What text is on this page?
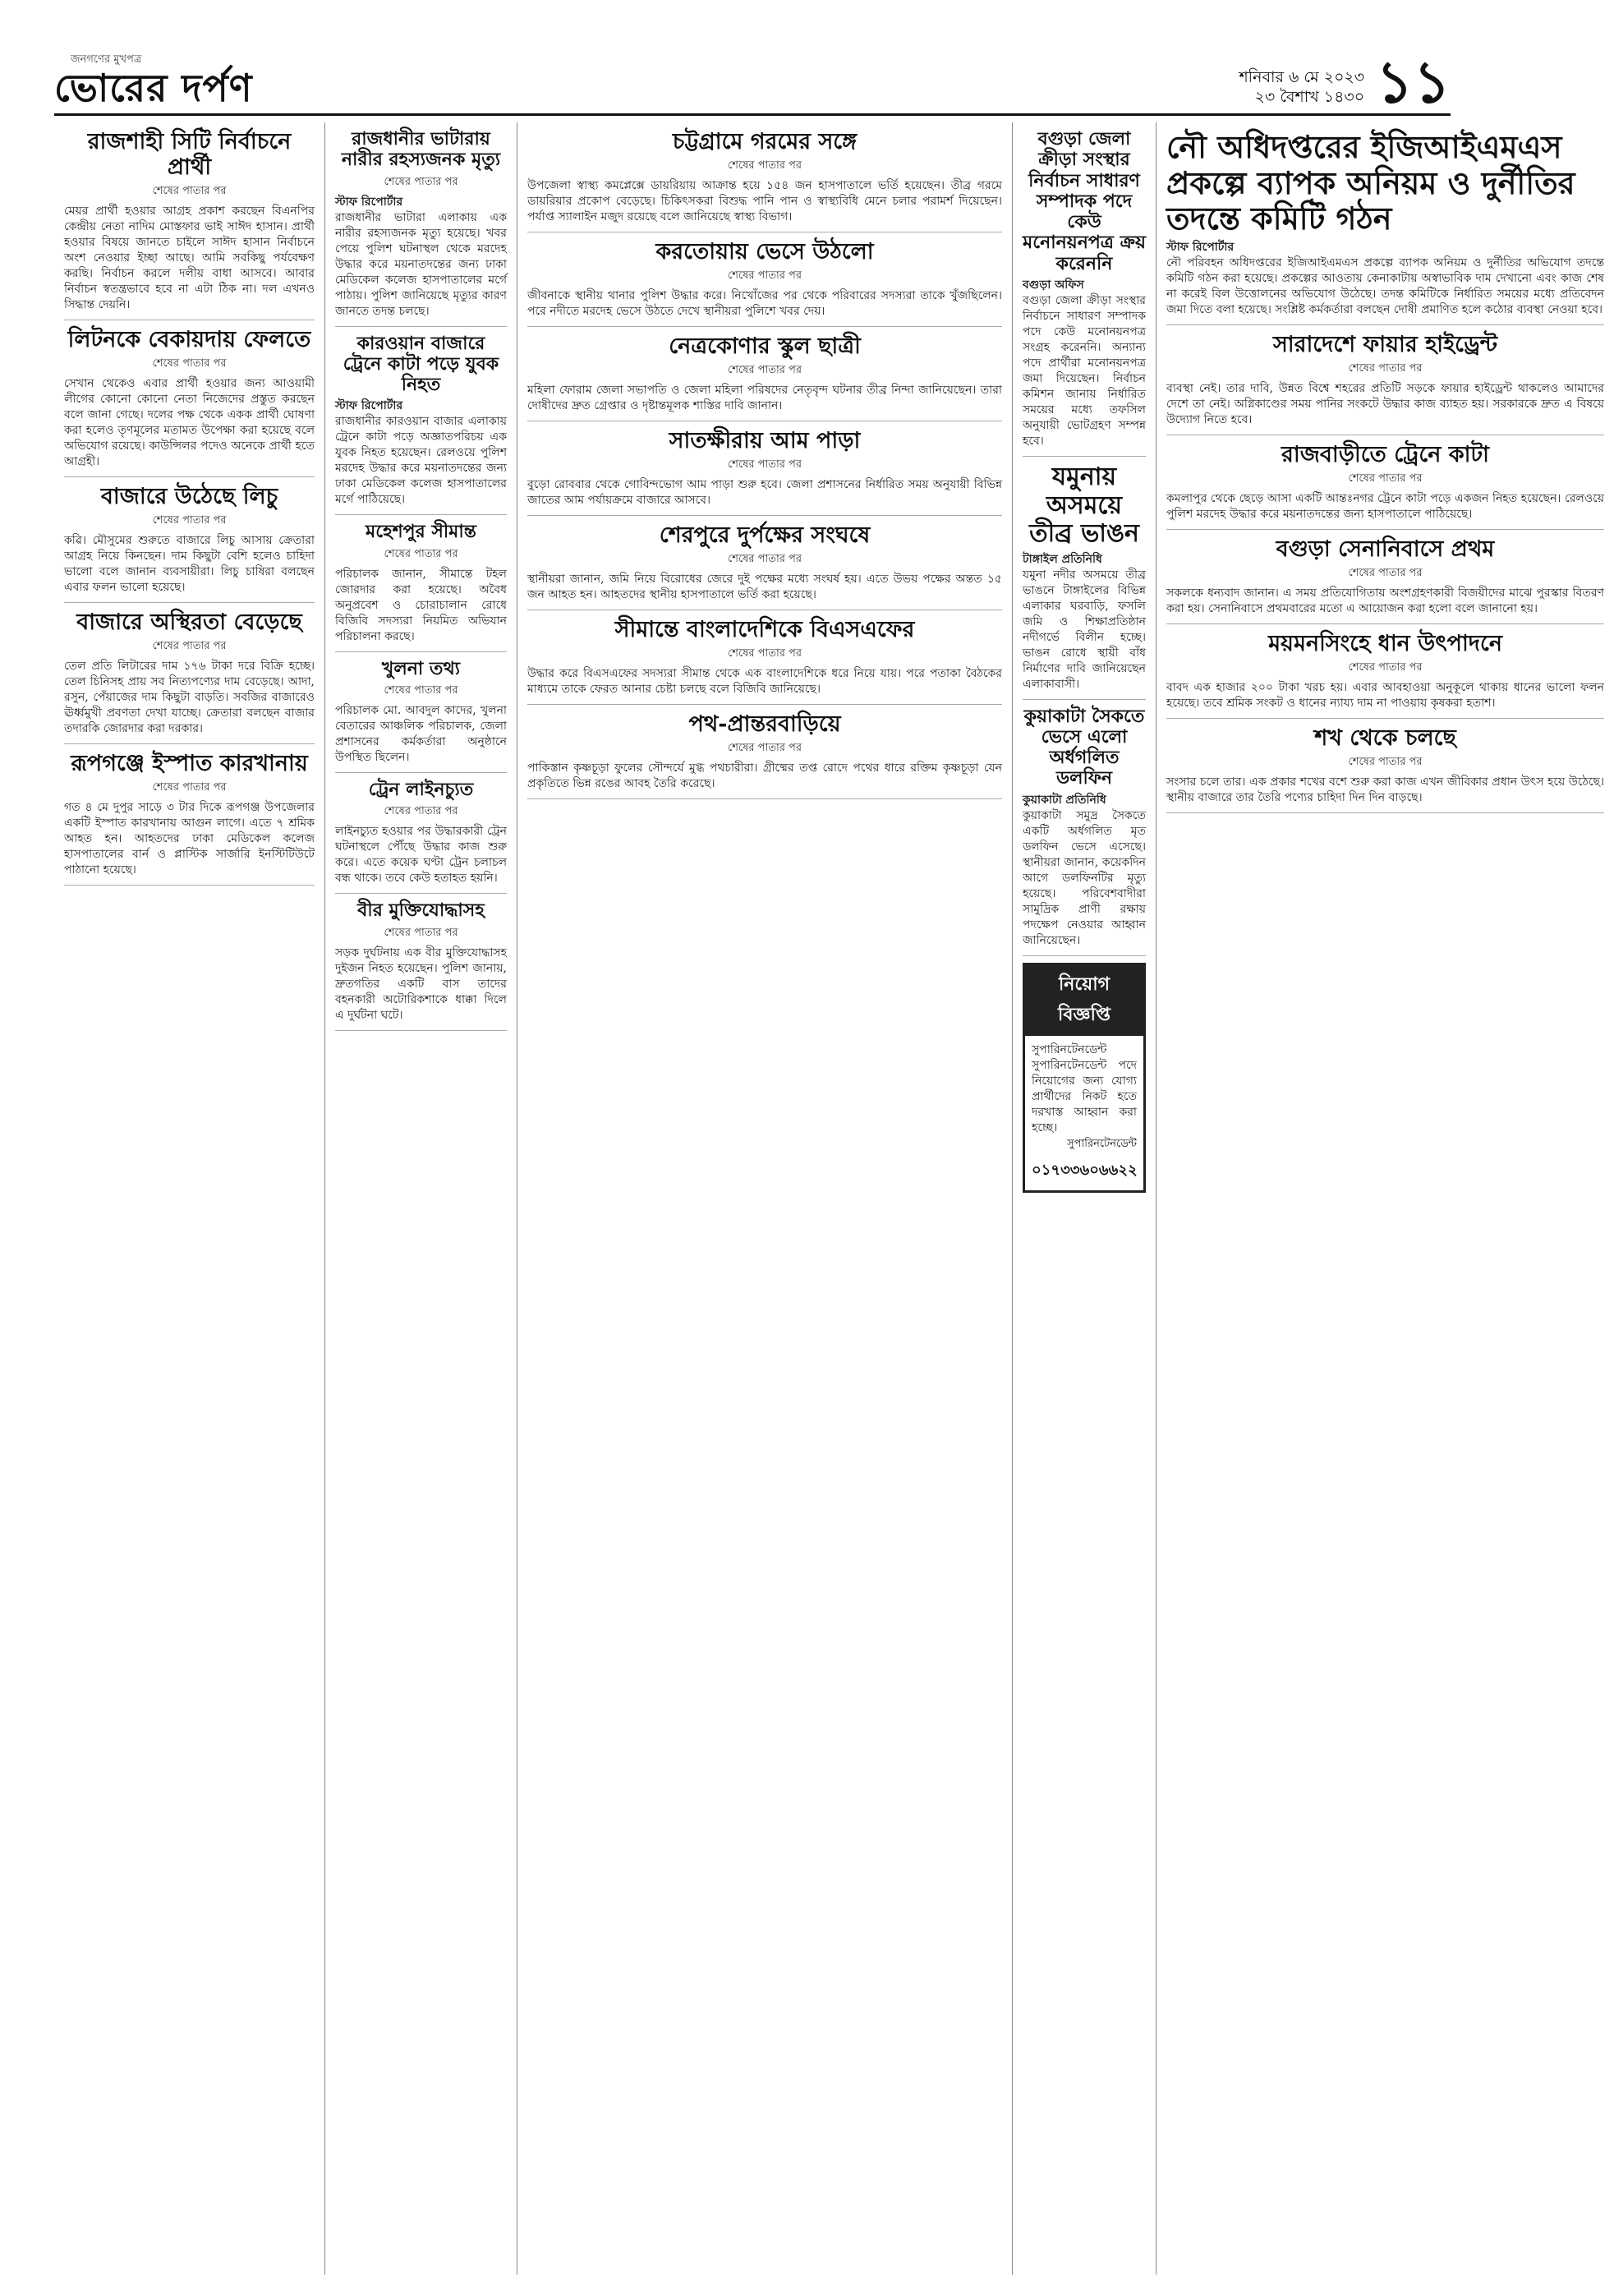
জনগণের মুখপত্র
ভোরের দর্পণ	শনিবার ৬ মে ২০২৩
২৩ বৈশাখ ১৪৩০ ১১
রাজশাহী সিটি নির্বাচনে প্রার্থী
শেষের পাতার পর
মেয়র প্রার্থী হওয়ার আগ্রহ প্রকাশ করছেন বিএনপির কেন্দ্রীয় নেতা নাদিম মোস্তফার ভাই সাঈদ হাসান। প্রার্থী হওয়ার বিষয়ে জানতে চাইলে সাঈদ হাসান নির্বাচনে অংশ নেওয়ার ইচ্ছা আছে। আমি সবকিছু পর্যবেক্ষণ করছি। নির্বাচন করলে দলীয় বাধা আসবে। আবার নির্বাচন স্বতন্ত্রভাবে হবে না এটা ঠিক না। দল এখনও সিদ্ধান্ত দেয়নি।
লিটনকে বেকায়দায় ফেলতে
শেষের পাতার পর
সেখান থেকেও এবার প্রার্থী হওয়ার জন্য আওয়ামী লীগের কোনো কোনো নেতা নিজেদের প্রস্তুত করছেন বলে জানা গেছে। দলের পক্ষ থেকে একক প্রার্থী ঘোষণা করা হলেও তৃণমূলের মতামত উপেক্ষা করা হয়েছে বলে অভিযোগ রয়েছে। কাউন্সিলর পদেও অনেকে প্রার্থী হতে আগ্রহী।
বাজারে উঠেছে লিচু
শেষের পাতার পর
কৱি। মৌসুমের শুরুতে বাজারে লিচু আসায় ক্রেতারা আগ্রহ নিয়ে কিনছেন। দাম কিছুটা বেশি হলেও চাহিদা ভালো বলে জানান ব্যবসায়ীরা। লিচু চাষিরা বলছেন এবার ফলন ভালো হয়েছে।
বাজারে অস্থিরতা বেড়েছে
শেষের পাতার পর
তেল প্রতি লিটারের দাম ১৭৬ টাকা দরে বিক্রি হচ্ছে। তেল চিনিসহ প্রায় সব নিত্যপণ্যের দাম বেড়েছে। আদা, রসুন, পেঁয়াজের দাম কিছুটা বাড়তি। সবজির বাজারেও ঊর্ধ্বমুখী প্রবণতা দেখা যাচ্ছে। ক্রেতারা বলছেন বাজার তদারকি জোরদার করা দরকার।
রূপগঞ্জে ইস্পাত কারখানায়
শেষের পাতার পর
গত ৪ মে দুপুর সাড়ে ৩ টার দিকে রূপগঞ্জ উপজেলার একটি ইস্পাত কারখানায় আগুন লাগে। এতে ৭ শ্রমিক আহত হন। আহতদের ঢাকা মেডিকেল কলেজ হাসপাতালের বার্ন ও প্লাস্টিক সার্জারি ইনস্টিটিউটে পাঠানো হয়েছে।
রাজধানীর ভাটারায় নারীর রহস্যজনক মৃত্যু
শেষের পাতার পর
স্টাফ রিপোর্টার
রাজধানীর ভাটারা এলাকায় এক নারীর রহস্যজনক মৃত্যু হয়েছে। খবর পেয়ে পুলিশ ঘটনাস্থল থেকে মরদেহ উদ্ধার করে ময়নাতদন্তের জন্য ঢাকা মেডিকেল কলেজ হাসপাতালের মর্গে পাঠায়। পুলিশ জানিয়েছে মৃত্যুর কারণ জানতে তদন্ত চলছে।
কারওয়ান বাজারে ট্রেনে কাটা পড়ে যুবক নিহত
স্টাফ রিপোর্টার
রাজধানীর কারওয়ান বাজার এলাকায় ট্রেনে কাটা পড়ে অজ্ঞাতপরিচয় এক যুবক নিহত হয়েছেন। রেলওয়ে পুলিশ মরদেহ উদ্ধার করে ময়নাতদন্তের জন্য ঢাকা মেডিকেল কলেজ হাসপাতালের মর্গে পাঠিয়েছে।
মহেশপুর সীমান্ত
শেষের পাতার পর
পরিচালক জানান, সীমান্তে টহল জোরদার করা হয়েছে। অবৈধ অনুপ্রবেশ ও চোরাচালান রোধে বিজিবি সদস্যরা নিয়মিত অভিযান পরিচালনা করছে।
খুলনা তথ্য
শেষের পাতার পর
পরিচালক মো. আবদুল কাদের, খুলনা বেতারের আঞ্চলিক পরিচালক, জেলা প্রশাসনের কর্মকর্তারা অনুষ্ঠানে উপস্থিত ছিলেন।
ট্রেন লাইনচ্যুত
শেষের পাতার পর
লাইনচ্যুত হওয়ার পর উদ্ধারকারী ট্রেন ঘটনাস্থলে পৌঁছে উদ্ধার কাজ শুরু করে। এতে কয়েক ঘণ্টা ট্রেন চলাচল বন্ধ থাকে। তবে কেউ হতাহত হয়নি।
বীর মুক্তিযোদ্ধাসহ
শেষের পাতার পর
সড়ক দুর্ঘটনায় এক বীর মুক্তিযোদ্ধাসহ দুইজন নিহত হয়েছেন। পুলিশ জানায়, দ্রুতগতির একটি বাস তাদের বহনকারী অটোরিকশাকে ধাক্কা দিলে এ দুর্ঘটনা ঘটে।
চট্টগ্রামে গরমের সঙ্গে
শেষের পাতার পর
উপজেলা স্বাস্থ্য কমপ্লেক্সে ডায়রিয়ায় আক্রান্ত হয়ে ১৫৪ জন হাসপাতালে ভর্তি হয়েছেন। তীব্র গরমে ডায়রিয়ার প্রকোপ বেড়েছে। চিকিৎসকরা বিশুদ্ধ পানি পান ও স্বাস্থ্যবিধি মেনে চলার পরামর্শ দিয়েছেন। পর্যাপ্ত স্যালাইন মজুদ রয়েছে বলে জানিয়েছে স্বাস্থ্য বিভাগ।
করতোয়ায় ভেসে উঠলো
শেষের পাতার পর
জীবনাকে স্থানীয় থানার পুলিশ উদ্ধার করে। নিখোঁজের পর থেকে পরিবারের সদস্যরা তাকে খুঁজছিলেন। পরে নদীতে মরদেহ ভেসে উঠতে দেখে স্থানীয়রা পুলিশে খবর দেয়।
নেত্রকোণার স্কুল ছাত্রী
শেষের পাতার পর
মহিলা ফোরাম জেলা সভাপতি ও জেলা মহিলা পরিষদের নেতৃবৃন্দ ঘটনার তীব্র নিন্দা জানিয়েছেন। তারা দোষীদের দ্রুত গ্রেপ্তার ও দৃষ্টান্তমূলক শাস্তির দাবি জানান।
সাতক্ষীরায় আম পাড়া
শেষের পাতার পর
বুড়ো রোববার থেকে গোবিন্দভোগ আম পাড়া শুরু হবে। জেলা প্রশাসনের নির্ধারিত সময় অনুযায়ী বিভিন্ন জাতের আম পর্যায়ক্রমে বাজারে আসবে।
শেরপুরে দুর্পক্ষের সংঘষে
শেষের পাতার পর
স্থানীয়রা জানান, জমি নিয়ে বিরোধের জেরে দুই পক্ষের মধ্যে সংঘর্ষ হয়। এতে উভয় পক্ষের অন্তত ১৫ জন আহত হন। আহতদের স্থানীয় হাসপাতালে ভর্তি করা হয়েছে।
সীমান্তে বাংলাদেশিকে বিএসএফের
শেষের পাতার পর
উদ্ধার করে বিএসএফের সদস্যরা সীমান্ত থেকে এক বাংলাদেশিকে ধরে নিয়ে যায়। পরে পতাকা বৈঠকের মাধ্যমে তাকে ফেরত আনার চেষ্টা চলছে বলে বিজিবি জানিয়েছে।
পথ-প্রান্তরবাড়িয়ে
শেষের পাতার পর
পাকিস্তান কৃষ্ণচূড়া ফুলের সৌন্দর্যে মুগ্ধ পথচারীরা। গ্রীষ্মের তপ্ত রোদে পথের ধারে রক্তিম কৃষ্ণচূড়া যেন প্রকৃতিতে ভিন্ন রঙের আবহ তৈরি করেছে।
বগুড়া জেলা ক্রীড়া সংস্থার নির্বাচন সাধারণ সম্পাদক পদে কেউ মনোনয়নপত্র ক্রয় করেননি
বগুড়া অফিস
বগুড়া জেলা ক্রীড়া সংস্থার নির্বাচনে সাধারণ সম্পাদক পদে কেউ মনোনয়নপত্র সংগ্রহ করেননি। অন্যান্য পদে প্রার্থীরা মনোনয়নপত্র জমা দিয়েছেন। নির্বাচন কমিশন জানায় নির্ধারিত সময়ের মধ্যে তফসিল অনুযায়ী ভোটগ্রহণ সম্পন্ন হবে।
যমুনায় অসময়ে তীব্র ভাঙন
টাঙ্গাইল প্রতিনিধি
যমুনা নদীর অসময়ে তীব্র ভাঙনে টাঙ্গাইলের বিভিন্ন এলাকার ঘরবাড়ি, ফসলি জমি ও শিক্ষাপ্রতিষ্ঠান নদীগর্ভে বিলীন হচ্ছে। ভাঙন রোধে স্থায়ী বাঁধ নির্মাণের দাবি জানিয়েছেন এলাকাবাসী।
কুয়াকাটা সৈকতে ভেসে এলো অর্ধগলিত ডলফিন
কুয়াকাটা প্রতিনিধি
কুয়াকাটা সমুদ্র সৈকতে একটি অর্ধগলিত মৃত ডলফিন ভেসে এসেছে। স্থানীয়রা জানান, কয়েকদিন আগে ডলফিনটির মৃত্যু হয়েছে। পরিবেশবাদীরা সামুদ্রিক প্রাণী রক্ষায় পদক্ষেপ নেওয়ার আহ্বান জানিয়েছেন।
নিয়োগ বিজ্ঞপ্তি
সুপারিনটেনডেন্ট সুপারিনটেনডেন্ট পদে নিয়োগের জন্য যোগ্য প্রার্থীদের নিকট হতে দরখাস্ত আহ্বান করা হচ্ছে।
সুপারিনটেনডেন্ট
০১৭৩৩৬০৬৬২২
নৌ অধিদপ্তরের ইজিআইএমএস প্রকল্পে ব্যাপক অনিয়ম ও দুর্নীতির তদন্তে কমিটি গঠন
স্টাফ রিপোর্টার
নৌ পরিবহন অধিদপ্তরের ইজিআইএমএস প্রকল্পে ব্যাপক অনিয়ম ও দুর্নীতির অভিযোগ তদন্তে কমিটি গঠন করা হয়েছে। প্রকল্পের আওতায় কেনাকাটায় অস্বাভাবিক দাম দেখানো এবং কাজ শেষ না করেই বিল উত্তোলনের অভিযোগ উঠেছে। তদন্ত কমিটিকে নির্ধারিত সময়ের মধ্যে প্রতিবেদন জমা দিতে বলা হয়েছে। সংশ্লিষ্ট কর্মকর্তারা বলছেন দোষী প্রমাণিত হলে কঠোর ব্যবস্থা নেওয়া হবে।
সারাদেশে ফায়ার হাইড্রেন্ট
শেষের পাতার পর
ব্যবস্থা নেই। তার দাবি, উন্নত বিশ্বে শহরের প্রতিটি সড়কে ফায়ার হাইড্রেন্ট থাকলেও আমাদের দেশে তা নেই। অগ্নিকাণ্ডের সময় পানির সংকটে উদ্ধার কাজ ব্যাহত হয়। সরকারকে দ্রুত এ বিষয়ে উদ্যোগ নিতে হবে।
রাজবাড়ীতে ট্রেনে কাটা
শেষের পাতার পর
কমলাপুর থেকে ছেড়ে আসা একটি আন্তঃনগর ট্রেনে কাটা পড়ে একজন নিহত হয়েছেন। রেলওয়ে পুলিশ মরদেহ উদ্ধার করে ময়নাতদন্তের জন্য হাসপাতালে পাঠিয়েছে।
বগুড়া সেনানিবাসে প্রথম
শেষের পাতার পর
সকলকে ধন্যবাদ জানান। এ সময় প্রতিযোগিতায় অংশগ্রহণকারী বিজয়ীদের মাঝে পুরস্কার বিতরণ করা হয়। সেনানিবাসে প্রথমবারের মতো এ আয়োজন করা হলো বলে জানানো হয়।
ময়মনসিংহে ধান উৎপাদনে
শেষের পাতার পর
বাবদ এক হাজার ২০০ টাকা খরচ হয়। এবার আবহাওয়া অনুকূলে থাকায় ধানের ভালো ফলন হয়েছে। তবে শ্রমিক সংকট ও ধানের ন্যায্য দাম না পাওয়ায় কৃষকরা হতাশ।
শখ থেকে চলছে
শেষের পাতার পর
সংসার চলে তার। এক প্রকার শখের বশে শুরু করা কাজ এখন জীবিকার প্রধান উৎস হয়ে উঠেছে। স্থানীয় বাজারে তার তৈরি পণ্যের চাহিদা দিন দিন বাড়ছে।
